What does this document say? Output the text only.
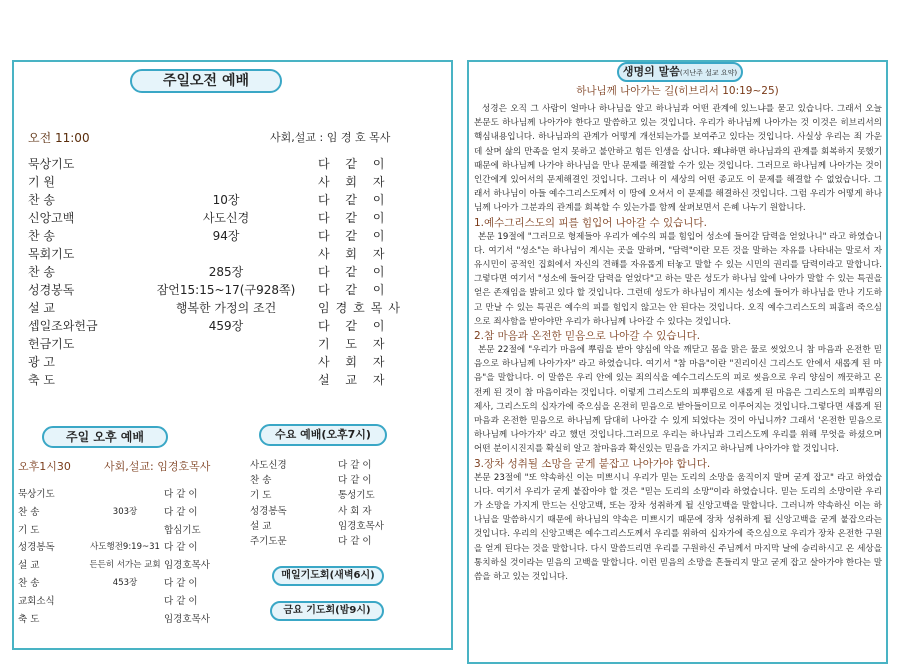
주일오전 예배
오전 11:00	사회,설교 : 임 경 호 목사
묵상기도	다 같 이
기 원	사 회 자
찬 송	10장	다 같 이
신앙고백	사도신경	다 같 이
찬 송	94장	다 같 이
목회기도	사 회 자
찬 송	285장	다 같 이
성경봉독	잠언15:15~17(구928쪽)	다 같 이
설 교	행복한 가정의 조건	임경호목사
셉일조와헌금	459장	다 같 이
헌금기도	기 도 자
광 고	사 회 자
축 도	설 교 자
주일 오후 예배
오후1시30	사회,설교: 임경호목사
묵상기도	다 같 이
찬 송	303장	다 같 이
기 도	합심기도
성경봉독	사도행전9:19~31 다 같 이
설 교	든든히 서가는 교회 임경호목사
찬 송	453장	다 같 이
교회소식	다 같 이
축 도	임경호목사
수요 예배(오후7시)
사도신경	다 같 이
찬 송	다 같 이
기 도	통성기도
성경봉독	사 회 자
설 교	임경호목사
주기도문	다 같 이
매일기도회(새벽6시)
금요 기도회(밤9시)
생명의 말씀(지난주 설교 요약)
하나님께 나아가는 길(히브리서 10:19~25)

성경은 오직 그 사람이 얼마나 하나님을 알고 하나님과 어떤 관계에 있느냐를 묻고 있습니다. 그래서 오늘 본문도 하나님께 나아가야 한다고 말씀하고 있는 것입니다. 우리가 하나님께 나아가는 것 이것은 히브리서의 핵심내용입니다. 하나님과의 관계가 어떻게 개선되는가를 보여주고 있다는 것입니다. 사실상 우리는 죄 가운데 살며 삶의 만족을 얻지 못하고 불안하고 힘든 인생을 삽니다. 왜냐하면 하나님과의 관계를 회복하지 못했기 때문에 하나님께 나가야 하나님을 만나 문제를 해결할 수가 있는 것입니다. 그러므로 하나님께 나아가는 것이 인간에게 있어서의 문제해결인 것입니다. 그러나 이 세상의 어떤 종교도 이 문제를 해결할 수 없었습니다. 그래서 하나님이 아들 예수그리스도께서 이 땅에 오셔서 이 문제를 해결하신 것입니다. 그럼 우리가 어떻게 하나님께 나아가 그분과의 관계를 회복할 수 있는가를 함께 살펴보면서 은혜 나누기 원합니다.

1.예수그리스도의 피를 힘입어 나아갈 수 있습니다.

본문 19절에 "그러므로 형제들아 우리가 예수의 피를 힘입어 성소에 들어갈 담력을 얻었나니" 라고 하였습니다. 여기서 "성소"는 하나님이 계시는 곳을 말하며, "담력"이란 모든 것을 말하는 자유를 나타내는 말로서 자유시민이 공적인 집회에서 자신의 견해를 자유롭게 터놓고 말할 수 있는 시민의 권리를 담력이라고 말합니다. 그렇다면 여기서 "성소에 들어갈 담력을 얻었다"고 하는 말은 성도가 하나님 앞에 나아가 말할 수 있는 특권을 얻은 존재임을 밝히고 있다 할 것입니다. 그런데 성도가 하나님이 계시는 성소에 들어가 하나님을 만나 기도하고 만날 수 있는 특권은 예수의 피를 힘입지 않고는 안 된다는 것입니다. 오직 예수그리스도의 피흘려 죽으심으로 죄사함을 받아야만 우리가 하나님께 나아갈 수 있다는 것입니다.

2.참 마음과 온전한 믿음으로 나아갈 수 있습니다.

본문 22절에 "우리가 마음에 뿌림을 받아 양심에 악을 깨닫고 몸을 맑은 물로 씻었으니 참 마음과 온전한 믿음으로 하나님께 나아가자" 라고 하였습니다. 여기서 "참 마음"이란 "진리이신 그리스도 안에서 새롭게 된 마음"을 말합니다. 이 말씀은 우리 안에 있는 죄의식을 예수그리스도의 피로 씻음으로 우리 양심이 깨끗하고 온전케 된 것이 참 마음이라는 것입니다. 이렇게 그리스도의 피뿌림으로 새롭게 된 마음은 그리스도의 피뿌림의 제사, 그리스도의 십자가에 죽으심을 온전히 믿음으로 받아들이므로 이루어지는 것입니다.그렇다면 새롭게 된 마음과 온전한 믿음으로 하나님께 담대히 나아갈 수 있게 되었다는 것이 아닙니까? 그래서 '온전한 믿음으로 하나님께 나아가자' 라고 했던 것입니다.그러므로 우리는 하나님과 그리스도께 우리를 위해 무엇을 하셨으며 어떤 분이시진지를 확실히 알고 참마음과 확신있는 믿음을 가지고 하나님께 나아가야 할 것입니다.

3.장차 성취될 소망을 굳게 붙잡고 나아가야 합니다.

본문 23절에 "또 약속하신 이는 미쁘시니 우리가 믿는 도리의 소망을 움직이지 말며 굳게 잡고" 라고 하였습니다. 여기서 우리가 굳게 붙잡아야 할 것은 "믿는 도리의 소망"이라 하였습니다. 믿는 도리의 소망이란 우리가 소망을 가지게 만드는 신앙고백, 또는 장차 성취하게 될 신앙고백을 말합니다. 그러니까 약속하신 이는 하나님을 말씀하시기 때문에 하나님의 약속은 미쁘시기 때문에 장차 성취하게 될 신앙고백을 굳게 붙잡으라는 것입니다. 우리의 신앙고백은 예수그리스도께서 우리를 위하여 십자가에 죽으심으로 우리가 장차 온전한 구원을 얻게 된다는 것을 말합니다. 다시 말씀드리면 우리를 구원하신 주님께서 마지막 날에 승리하시고 온 세상을 통치하실 것이라는 믿음의 고백을 말합니다. 이런 믿음의 소망을 흔들리지 말고 굳게 잡고 살아가야 한다는 말씀을 하고 있는 것입니다.
